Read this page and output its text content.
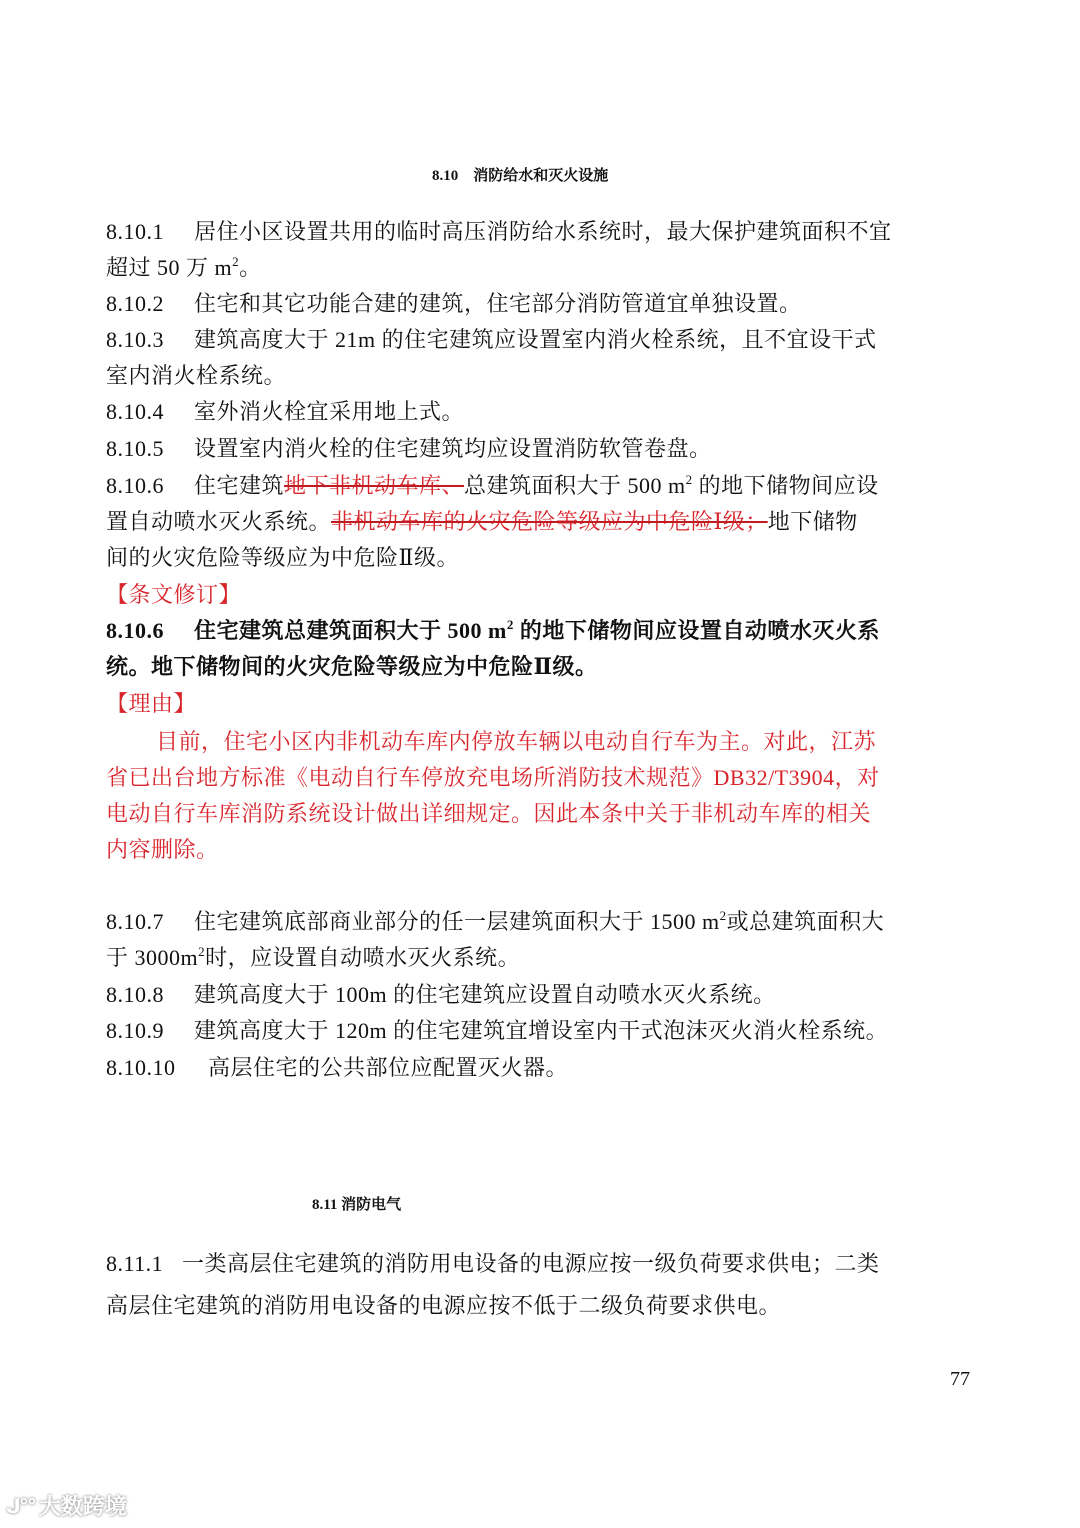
8.10　消防给水和灭火设施
8.10.1 居住小区设置共用的临时高压消防给水系统时，最大保护建筑面积不宜
超过 50 万 $m^2$。
8.10.2 住宅和其它功能合建的建筑，住宅部分消防管道宜单独设置。
8.10.3 建筑高度大于 21m 的住宅建筑应设置室内消火栓系统，且不宜设干式
室内消火栓系统。
8.10.4 室外消火栓宜采用地上式。
8.10.5 设置室内消火栓的住宅建筑均应设置消防软管卷盘。
8.10.6 住宅建筑地下非机动车库、总建筑面积大于 500 $m^2$ 的地下储物间应设
置自动喷水灭火系统。非机动车库的火灾危险等级应为中危险Ⅰ级；地下储物
间的火灾危险等级应为中危险Ⅱ级。
【条文修订】
8.10.6 住宅建筑总建筑面积大于 500 $m^2$ 的地下储物间应设置自动喷水灭火系
统。地下储物间的火灾危险等级应为中危险Ⅱ级。
【理由】
目前，住宅小区内非机动车库内停放车辆以电动自行车为主。对此，江苏
省已出台地方标准《电动自行车停放充电场所消防技术规范》DB32/T3904，对
电动自行车库消防系统设计做出详细规定。因此本条中关于非机动车库的相关
内容删除。
8.10.7 住宅建筑底部商业部分的任一层建筑面积大于 1500 $m^2$或总建筑面积大
于 $3000m^2$时，应设置自动喷水灭火系统。
8.10.8 建筑高度大于 100m 的住宅建筑应设置自动喷水灭火系统。
8.10.9 建筑高度大于 120m 的住宅建筑宜增设室内干式泡沫灭火消火栓系统。
8.10.10 高层住宅的公共部位应配置灭火器。
8.11 消防电气
8.11.1 一类高层住宅建筑的消防用电设备的电源应按一级负荷要求供电；二类
高层住宅建筑的消防用电设备的电源应按不低于二级负荷要求供电。
77
ᒍ°° 大数跨境
